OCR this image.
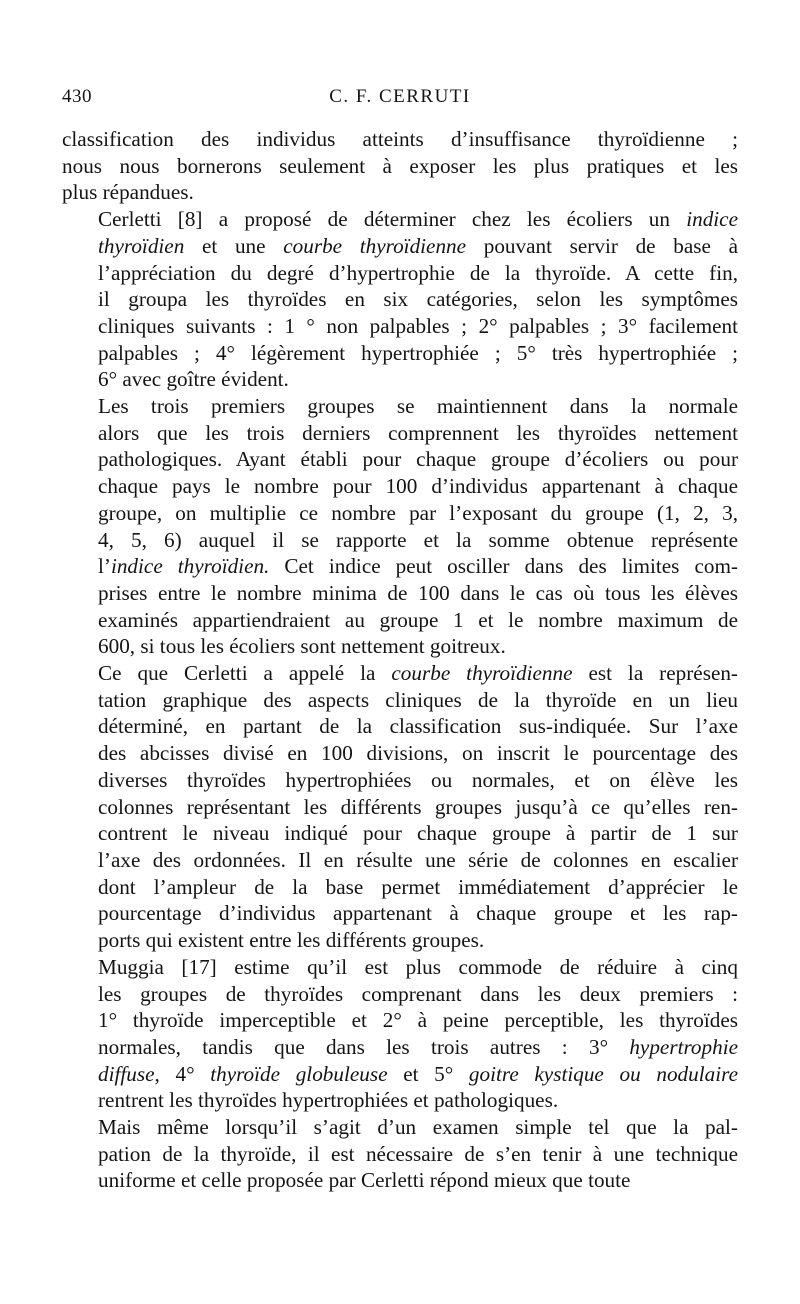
430	C. F. CERRUTI

classification des individus atteints d’insuffisance thyroïdienne ;
nous nous bornerons seulement à exposer les plus pratiques et les
plus répandues.

Cerletti [8] a proposé de déterminer chez les écoliers un indice
thyroïdien et une courbe thyroïdienne pouvant servir de base à
l’appréciation du degré d’hypertrophie de la thyroïde. A cette fin,
il groupa les thyroïdes en six catégories, selon les symptômes
cliniques suivants : 1 ° non palpables ; 2° palpables ; 3° facilement
palpables ; 4° légèrement hypertrophiée ; 5° très hypertrophiée ;
6° avec goître évident.

Les trois premiers groupes se maintiennent dans la normale
alors que les trois derniers comprennent les thyroïdes nettement
pathologiques. Ayant établi pour chaque groupe d’écoliers ou pour
chaque pays le nombre pour 100 d’individus appartenant à chaque
groupe, on multiplie ce nombre par l’exposant du groupe (1, 2, 3,
4, 5, 6) auquel il se rapporte et la somme obtenue représente
l’indice thyroïdien. Cet indice peut osciller dans des limites com-
prises entre le nombre minima de 100 dans le cas où tous les élèves
examinés appartiendraient au groupe 1 et le nombre maximum de
600, si tous les écoliers sont nettement goitreux.

Ce que Cerletti a appelé la courbe thyroïdienne est la représen-
tation graphique des aspects cliniques de la thyroïde en un lieu
déterminé, en partant de la classification sus-indiquée. Sur l’axe
des abcisses divisé en 100 divisions, on inscrit le pourcentage des
diverses thyroïdes hypertrophiées ou normales, et on élève les
colonnes représentant les différents groupes jusqu’à ce qu’elles ren-
contrent le niveau indiqué pour chaque groupe à partir de 1 sur
l’axe des ordonnées. Il en résulte une série de colonnes en escalier
dont l’ampleur de la base permet immédiatement d’apprécier le
pourcentage d’individus appartenant à chaque groupe et les rap-
ports qui existent entre les différents groupes.

Muggia [17] estime qu’il est plus commode de réduire à cinq
les groupes de thyroïdes comprenant dans les deux premiers :
1° thyroïde imperceptible et 2° à peine perceptible, les thyroïdes
normales, tandis que dans les trois autres : 3° hypertrophie
diffuse, 4° thyroïde globuleuse et 5° goitre kystique ou nodulaire
rentrent les thyroïdes hypertrophiées et pathologiques.

Mais même lorsqu’il s’agit d’un examen simple tel que la pal-
pation de la thyroïde, il est nécessaire de s’en tenir à une technique
uniforme et celle proposée par Cerletti répond mieux que toute
